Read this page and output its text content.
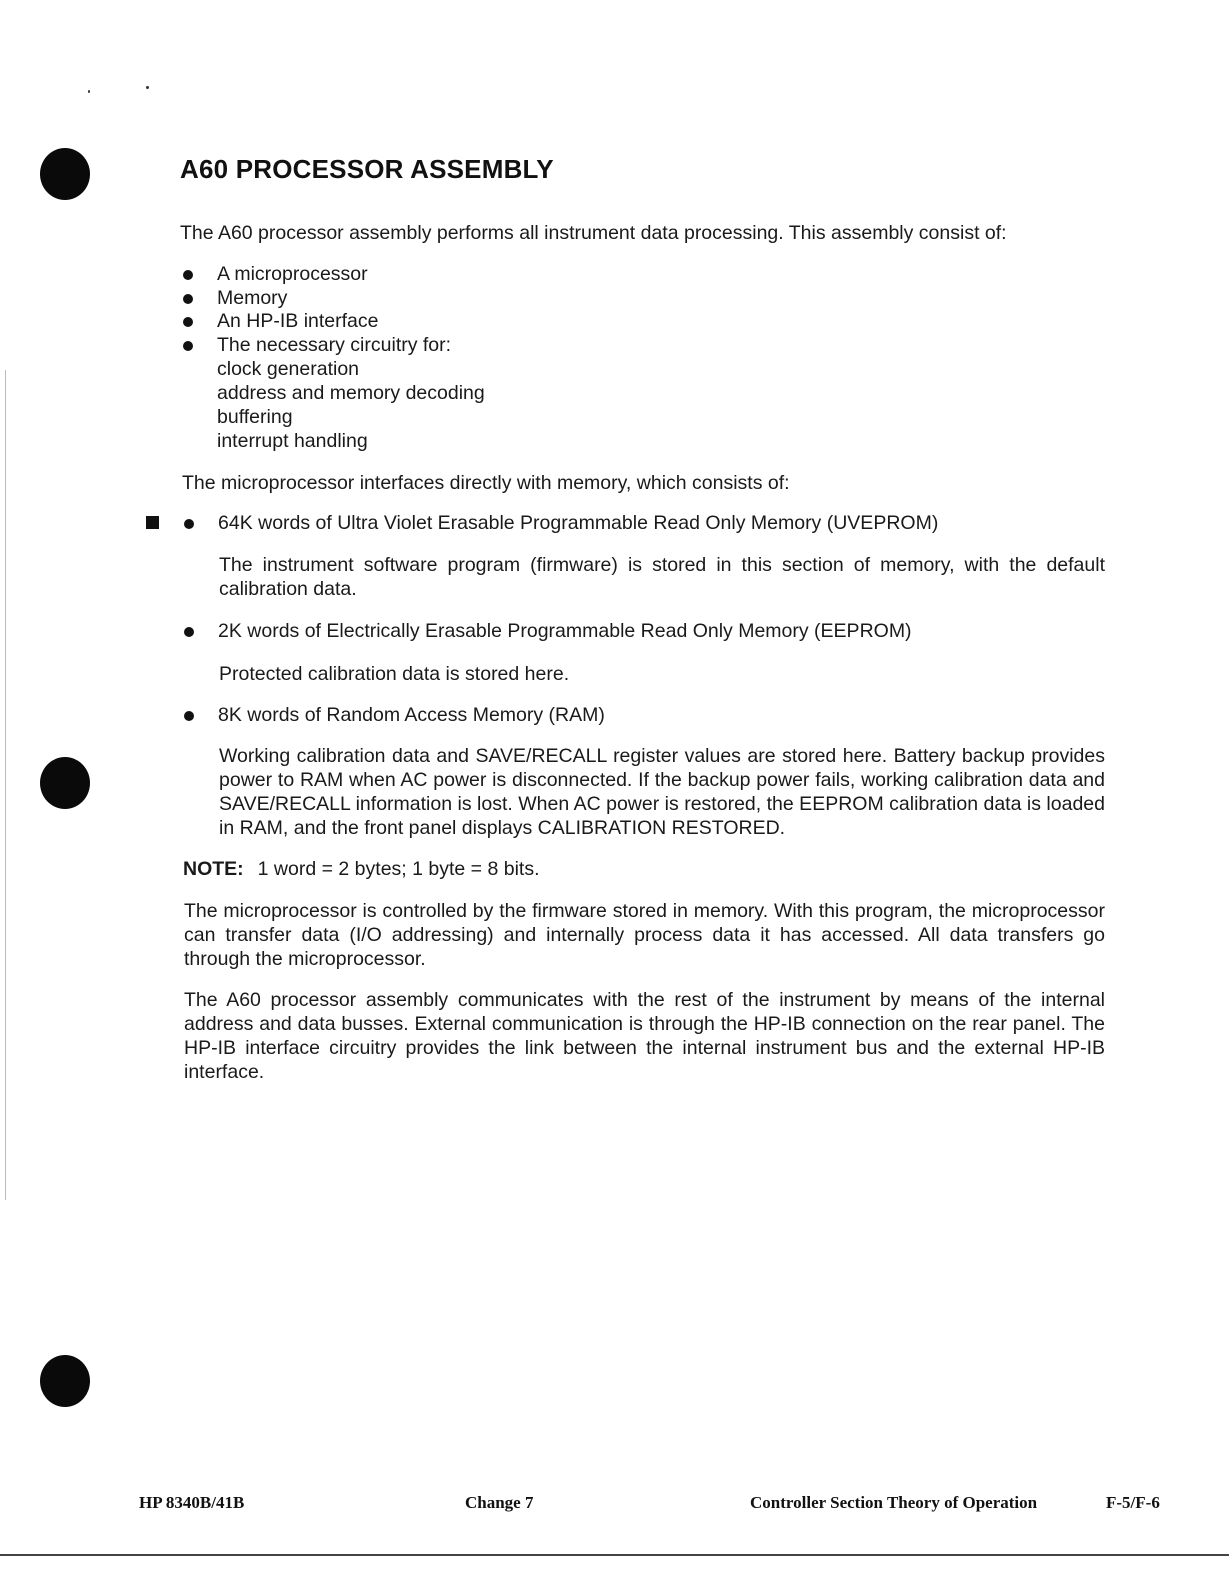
A60 PROCESSOR ASSEMBLY

The A60 processor assembly performs all instrument data processing. This assembly consist of:

A microprocessor

Memory

An HP-IB interface

The necessary circuitry for:

clock generation

address and memory decoding

buffering

interrupt handling

The microprocessor interfaces directly with memory, which consists of:

64K words of Ultra Violet Erasable Programmable Read Only Memory (UVEPROM)

The instrument software program (firmware) is stored in this section of memory, with the default calibration data.

2K words of Electrically Erasable Programmable Read Only Memory (EEPROM)

Protected calibration data is stored here.

8K words of Random Access Memory (RAM)

Working calibration data and SAVE/RECALL register values are stored here. Battery backup provides power to RAM when AC power is disconnected. If the backup power fails, working calibration data and SAVE/RECALL information is lost. When AC power is restored, the EEPROM calibration data is loaded in RAM, and the front panel displays CALIBRATION RESTORED.

NOTE: 1 word = 2 bytes; 1 byte = 8 bits.

The microprocessor is controlled by the firmware stored in memory. With this program, the microprocessor can transfer data (I/O addressing) and internally process data it has accessed. All data transfers go through the microprocessor.

The A60 processor assembly communicates with the rest of the instrument by means of the internal address and data busses. External communication is through the HP-IB connection on the rear panel. The HP-IB interface circuitry provides the link between the internal instrument bus and the external HP-IB interface.

HP 8340B/41B	Change 7	Controller Section Theory of Operation	F-5/F-6
